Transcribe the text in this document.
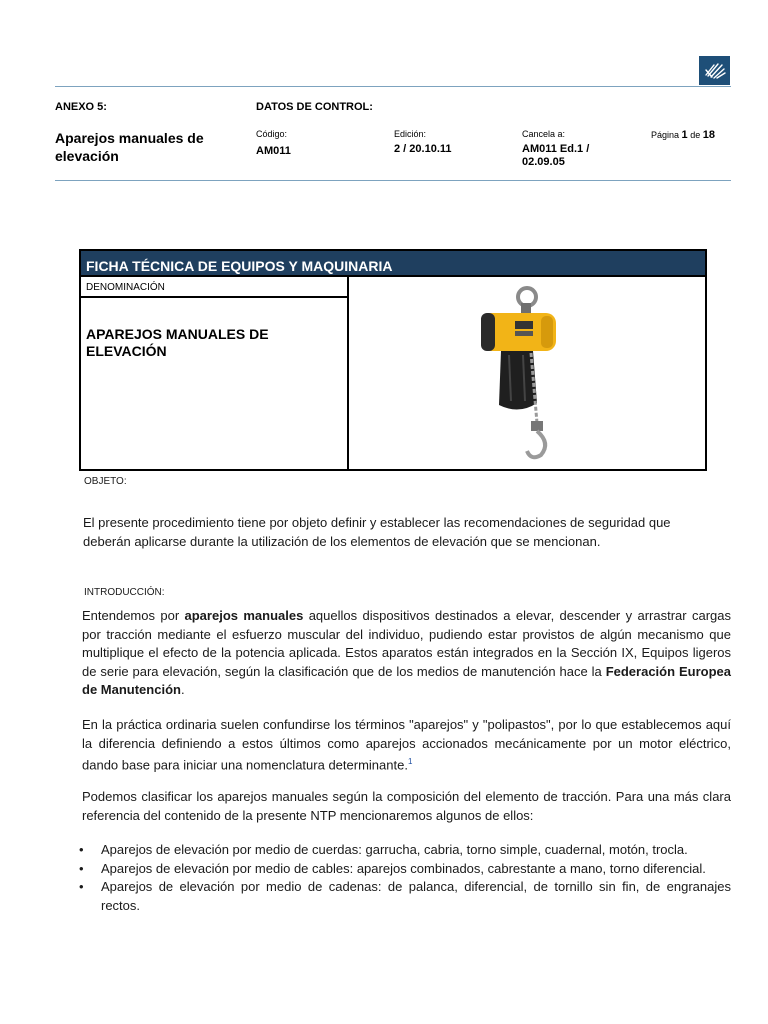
ANEXO 5:
Aparejos manuales de elevación
DATOS DE CONTROL:
Código:
AM011
Edición:
2 / 20.10.11
Cancela a:
AM011 Ed.1 /
02.09.05
Página 1 de 18
FICHA TÉCNICA DE EQUIPOS Y MAQUINARIA
DENOMINACIÓN
APAREJOS MANUALES DE
ELEVACIÓN
OBJETO:
El presente procedimiento tiene por objeto definir y establecer las recomendaciones de seguridad que deberán aplicarse durante la utilización de los elementos de elevación que se mencionan.
INTRODUCCIÓN:
Entendemos por aparejos manuales aquellos dispositivos destinados a elevar, descender y arrastrar cargas por tracción mediante el esfuerzo muscular del individuo, pudiendo estar provistos de algún mecanismo que multiplique el efecto de la potencia aplicada. Estos aparatos están integrados en la Sección IX, Equipos ligeros de serie para elevación, según la clasificación que de los medios de manutención hace la Federación Europea de Manutención.
En la práctica ordinaria suelen confundirse los términos "aparejos" y "polipastos", por lo que establecemos aquí la diferencia definiendo a estos últimos como aparejos accionados mecánicamente por un motor eléctrico, dando base para iniciar una nomenclatura determinante.$^1$
Podemos clasificar los aparejos manuales según la composición del elemento de tracción. Para una más clara referencia del contenido de la presente NTP mencionaremos algunos de ellos:
• Aparejos de elevación por medio de cuerdas: garrucha, cabria, torno simple, cuadernal, motón, trocla.
• Aparejos de elevación por medio de cables: aparejos combinados, cabrestante a mano, torno diferencial.
• Aparejos de elevación por medio de cadenas: de palanca, diferencial, de tornillo sin fin, de engranajes rectos.
